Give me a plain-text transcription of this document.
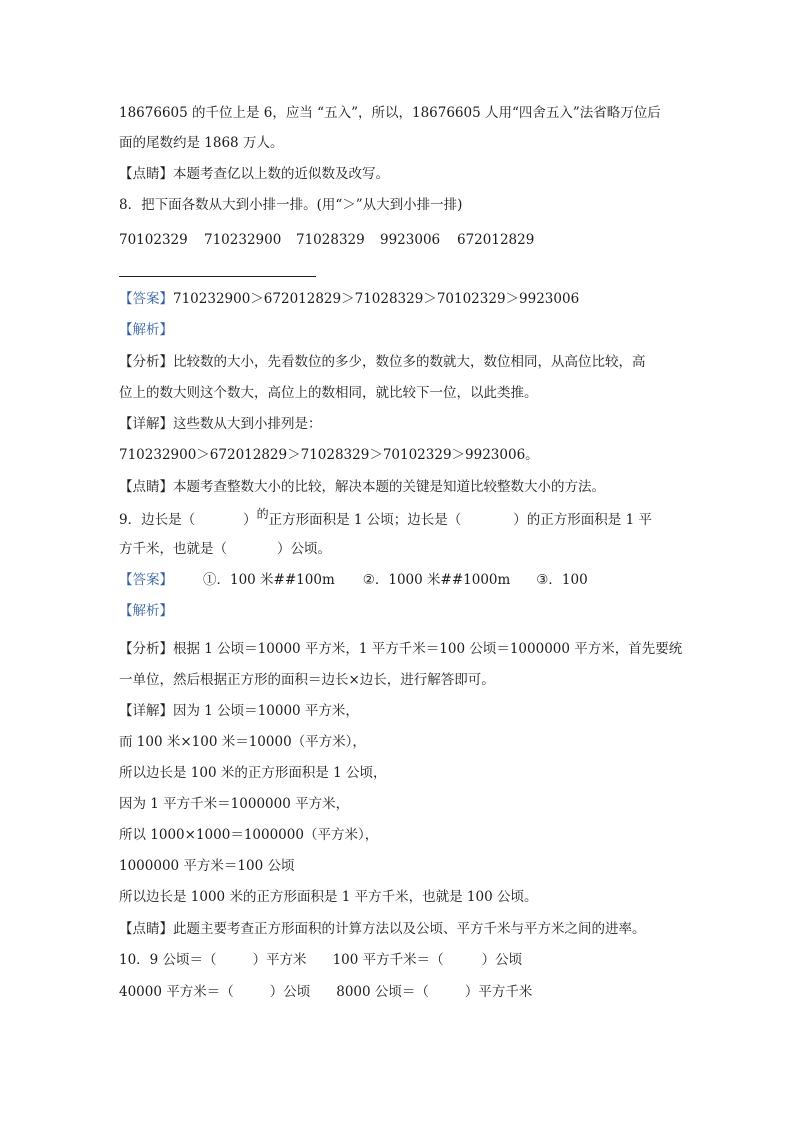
18676605 的千位上是 6，应当 “五入”，所以，18676605 人用“四舍五入”法省略万位后
面的尾数约是 1868 万人。
【点睛】本题考查亿以上数的近似数及改写。
8．把下面各数从大到小排一排。(用“＞”从大到小排一排)
70102329 710232900 71028329 9923006 672012829
【答案】710232900＞672012829＞71028329＞70102329＞9923006
【解析】
【分析】比较数的大小，先看数位的多少，数位多的数就大，数位相同，从高位比较，高
位上的数大则这个数大，高位上的数相同，就比较下一位，以此类推。
【详解】这些数从大到小排列是：
710232900＞672012829＞71028329＞70102329＞9923006。
【点睛】本题考查整数大小的比较，解决本题的关键是知道比较整数大小的方法。
9．边长是（	）的正方形面积是 1 公顷；边长是（	）的正方形面积是 1 平
方千米，也就是（	）公顷。
【答案】 ①．100 米##100m ②．1000 米##1000m ③．100
【解析】
【分析】根据 1 公顷＝10000 平方米，1 平方千米＝100 公顷＝1000000 平方米，首先要统
一单位，然后根据正方形的面积＝边长×边长，进行解答即可。
【详解】因为 1 公顷＝10000 平方米，
而 100 米×100 米＝10000（平方米），
所以边长是 100 米的正方形面积是 1 公顷，
因为 1 平方千米＝1000000 平方米，
所以 1000×1000＝1000000（平方米），
1000000 平方米＝100 公顷
所以边长是 1000 米的正方形面积是 1 平方千米，也就是 100 公顷。
【点睛】此题主要考查正方形面积的计算方法以及公顷、平方千米与平方米之间的进率。
10．9 公顷＝（	）平方米 100 平方千米＝（	）公顷
40000 平方米＝（	）公顷 8000 公顷＝（	）平方千米
